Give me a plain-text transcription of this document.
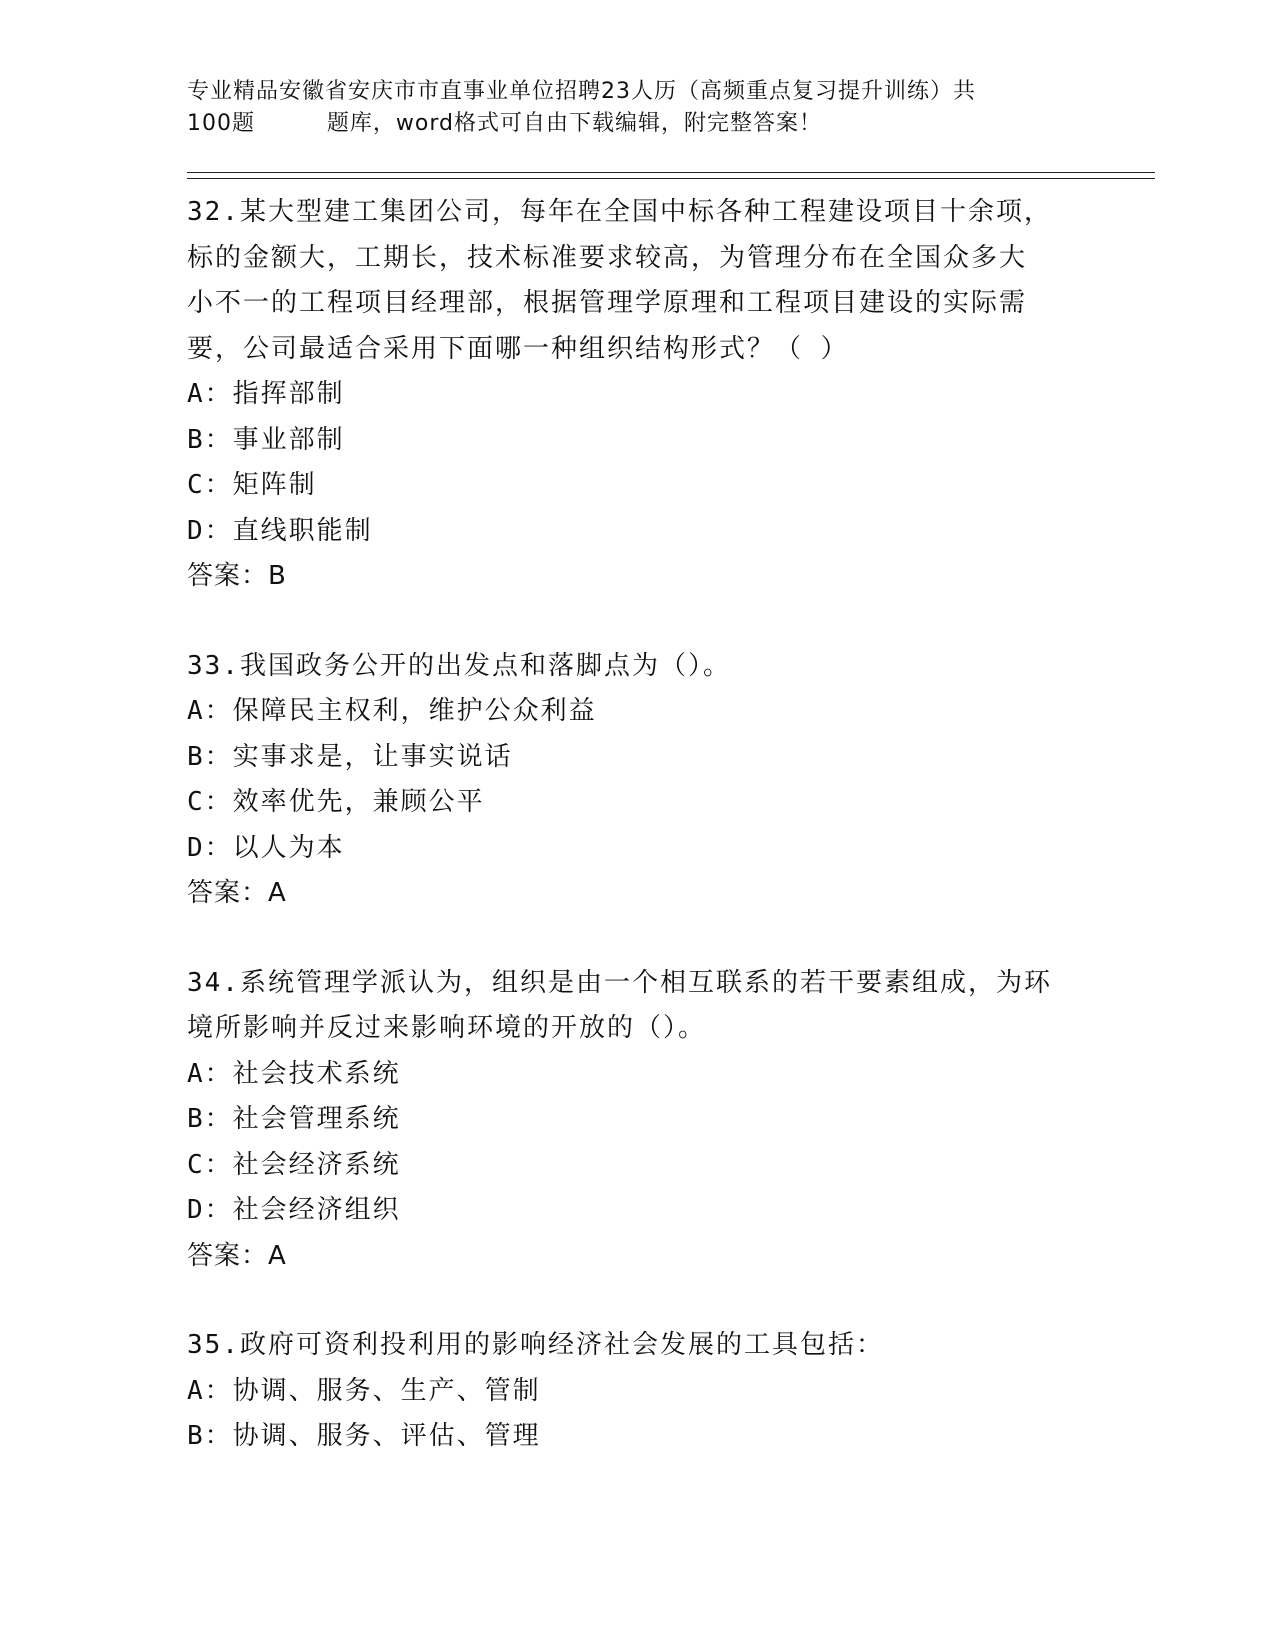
专业精品安徽省安庆市市直事业单位招聘23人历（高频重点复习提升训练）共
100题         题库，word格式可自由下载编辑，附完整答案！

32.某大型建工集团公司，每年在全国中标各种工程建设项目十余项，

标的金额大，工期长，技术标准要求较高，为管理分布在全国众多大

小不一的工程项目经理部，根据管理学原理和工程项目建设的实际需

要，公司最适合采用下面哪一种组织结构形式？（ ）

A：指挥部制

B：事业部制

C：矩阵制

D：直线职能制

答案：B

33.我国政务公开的出发点和落脚点为（）。

A：保障民主权利，维护公众利益

B：实事求是，让事实说话

C：效率优先，兼顾公平

D：以人为本

答案：A

34.系统管理学派认为，组织是由一个相互联系的若干要素组成，为环

境所影响并反过来影响环境的开放的（）。

A：社会技术系统

B：社会管理系统

C：社会经济系统

D：社会经济组织

答案：A

35.政府可资利投利用的影响经济社会发展的工具包括：

A：协调、服务、生产、管制

B：协调、服务、评估、管理
